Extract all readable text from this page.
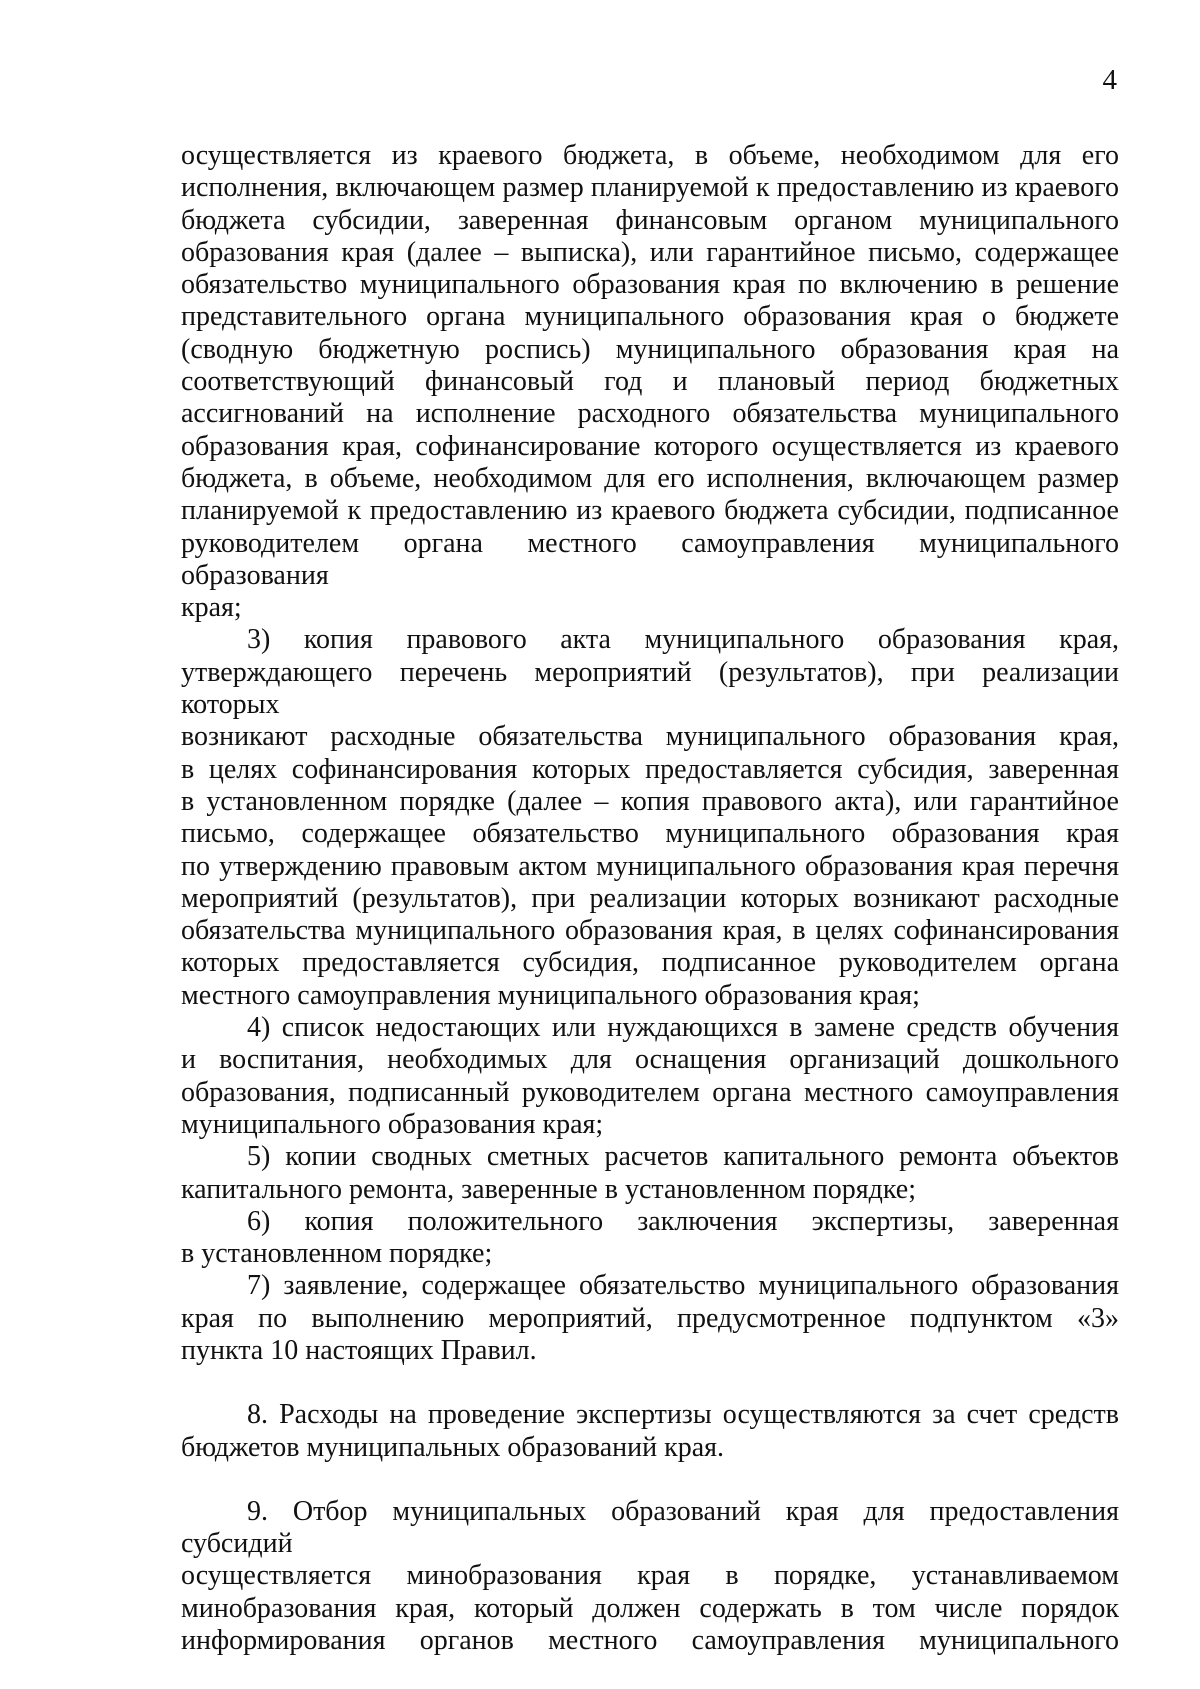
4

осуществляется из краевого бюджета, в объеме, необходимом для его

исполнения, включающем размер планируемой к предоставлению из краевого

бюджета субсидии, заверенная финансовым органом муниципального

образования края (далее – выписка), или гарантийное письмо, содержащее

обязательство муниципального образования края по включению в решение

представительного органа муниципального образования края о бюджете

(сводную бюджетную роспись) муниципального образования края на

соответствующий финансовый год и плановый период бюджетных

ассигнований на исполнение расходного обязательства муниципального

образования края, софинансирование которого осуществляется из краевого

бюджета, в объеме, необходимом для его исполнения, включающем размер

планируемой к предоставлению из краевого бюджета субсидии, подписанное

руководителем органа местного самоуправления муниципального образования

края;

3) копия правового акта муниципального образования края,

утверждающего перечень мероприятий (результатов), при реализации которых

возникают расходные обязательства муниципального образования края,

в целях софинансирования которых предоставляется субсидия, заверенная

в установленном порядке (далее – копия правового акта), или гарантийное

письмо, содержащее обязательство муниципального образования края

по утверждению правовым актом муниципального образования края перечня

мероприятий (результатов), при реализации которых возникают расходные

обязательства муниципального образования края, в целях софинансирования

которых предоставляется субсидия, подписанное руководителем органа

местного самоуправления муниципального образования края;

4) список недостающих или нуждающихся в замене средств обучения

и воспитания, необходимых для оснащения организаций дошкольного

образования, подписанный руководителем органа местного самоуправления

муниципального образования края;

5) копии сводных сметных расчетов капитального ремонта объектов

капитального ремонта, заверенные в установленном порядке;

6) копия положительного заключения экспертизы, заверенная

в установленном порядке;

7) заявление, содержащее обязательство муниципального образования

края по выполнению мероприятий, предусмотренное подпунктом «3»

пункта 10 настоящих Правил.

8. Расходы на проведение экспертизы осуществляются за счет средств

бюджетов муниципальных образований края.

9. Отбор муниципальных образований края для предоставления субсидий

осуществляется минобразования края в порядке, устанавливаемом

минобразования края, который должен содержать в том числе порядок

информирования органов местного самоуправления муниципального
